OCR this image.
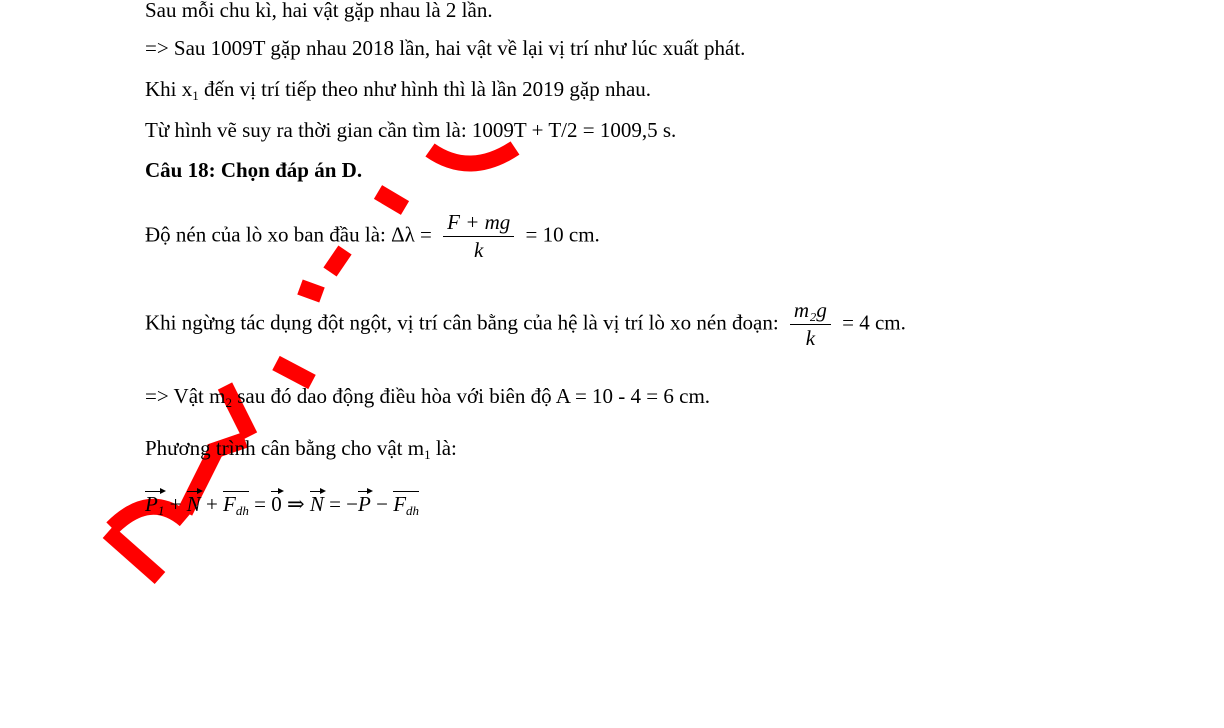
Sau mỗi chu kì, hai vật gặp nhau là 2 lần.
=> Sau 1009T gặp nhau 2018 lần, hai vật về lại vị trí như lúc xuất phát.
Khi $x_1$ đến vị trí tiếp theo như hình thì là lần 2019 gặp nhau.
Từ hình vẽ suy ra thời gian cần tìm là: 1009T + T/2 = 1009,5 s.
Câu 18: Chọn đáp án D.
Độ nén của lò xo ban đầu là: $\Delta\lambda = \frac{F + mg}{k} = 10$ cm.
Khi ngừng tác dụng đột ngột, vị trí cân bằng của hệ là vị trí lò xo nén đoạn: $\frac{\text{m₂g}}{k} = 4$ cm.
=> Vật $m_2$ sau đó dao động điều hòa với biên độ A = 10 - 4 = 6 cm.
Phương trình cân bằng cho vật $m_1$ là:
P1 + N + Fdh = 0 ⇒ N = −P − Fdh
